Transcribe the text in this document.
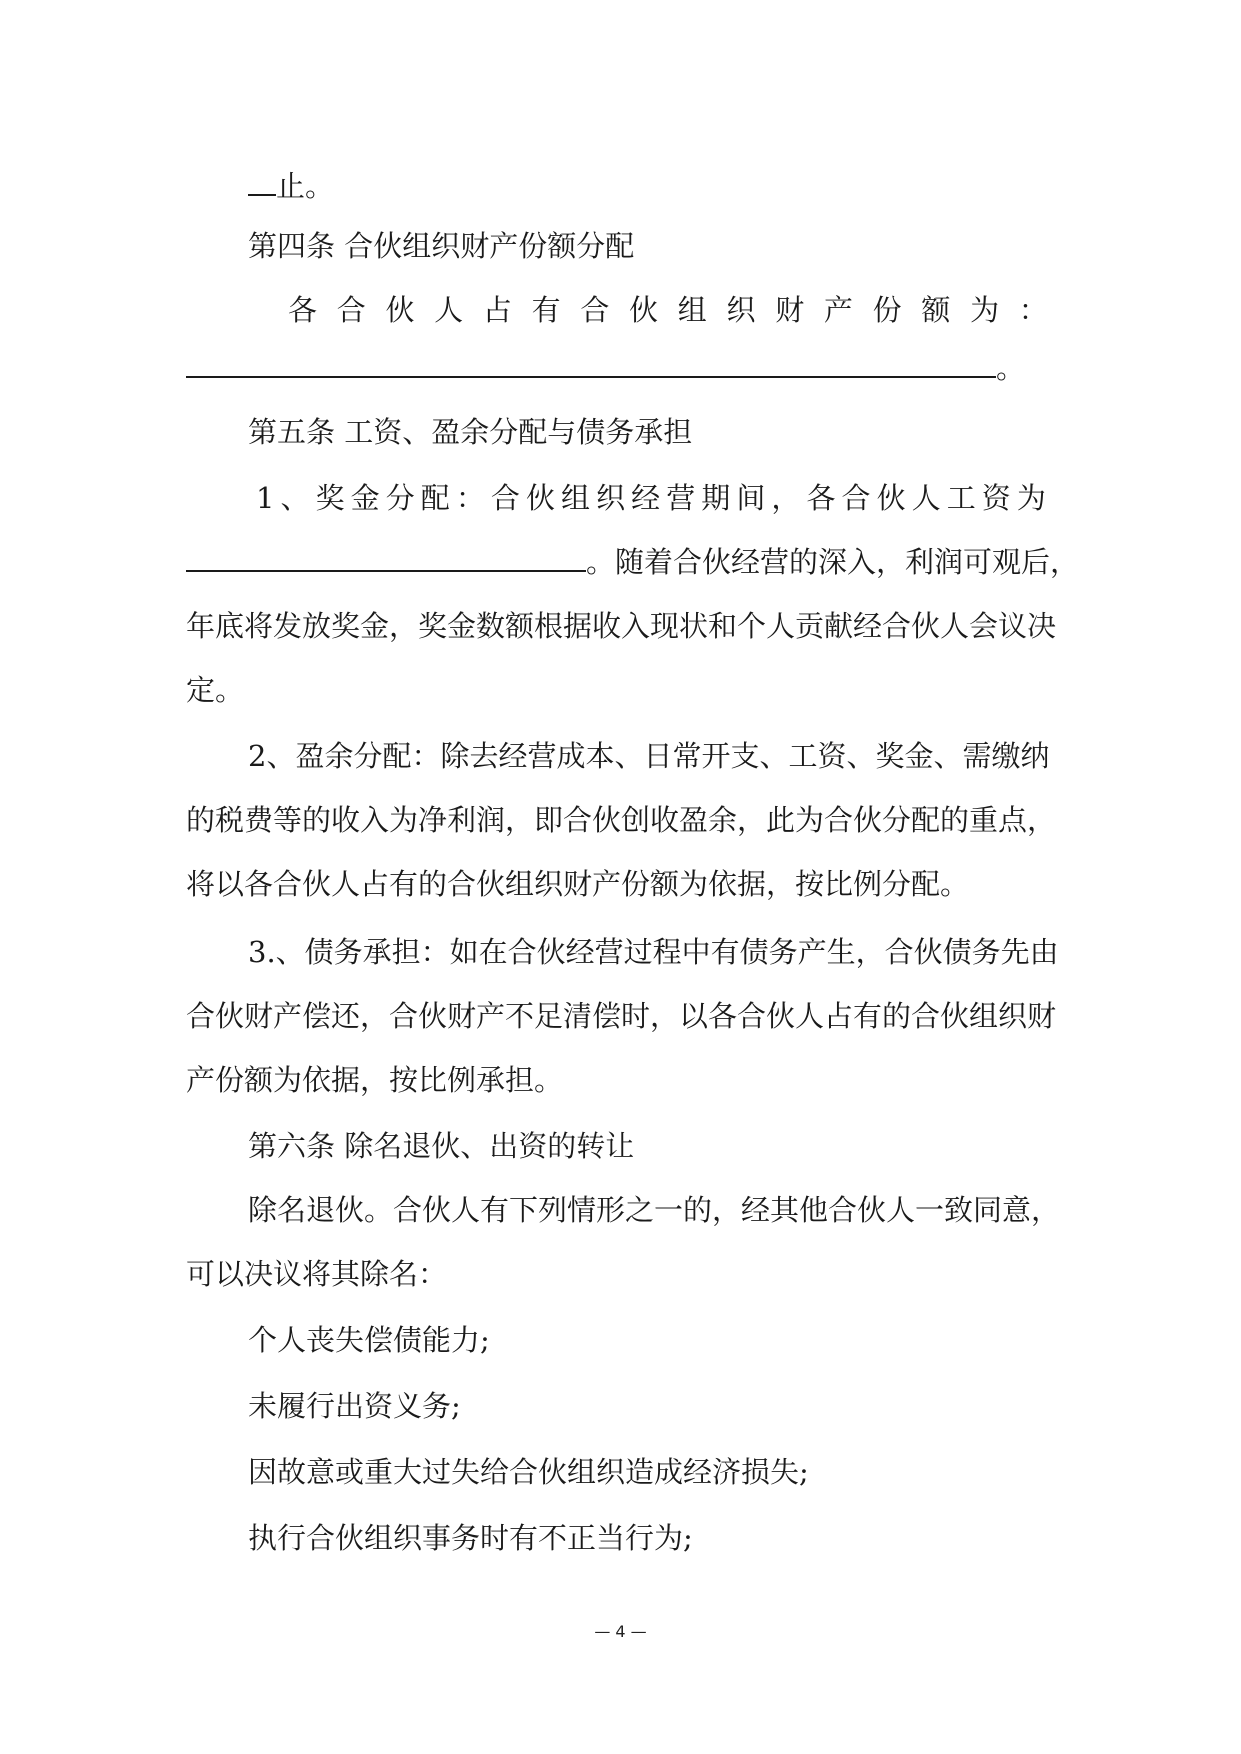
止。
第四条 合伙组织财产份额分配
各 合 伙 人 占 有 合 伙 组 织 财 产 份 额 为 ：
。
第五条 工资、盈余分配与债务承担
1 、 奖 金 分 配 ： 合 伙 组 织 经 营 期 间 ， 各 合 伙 人 工 资 为
。随着合伙经营的深入，利润可观后，
年底将发放奖金，奖金数额根据收入现状和个人贡献经合伙人会议决
定。
2、盈余分配：除去经营成本、日常开支、工资、奖金、需缴纳
的税费等的收入为净利润，即合伙创收盈余，此为合伙分配的重点，
将以各合伙人占有的合伙组织财产份额为依据，按比例分配。
3.、债务承担：如在合伙经营过程中有债务产生，合伙债务先由
合伙财产偿还，合伙财产不足清偿时，以各合伙人占有的合伙组织财
产份额为依据，按比例承担。
第六条 除名退伙、出资的转让
除名退伙。合伙人有下列情形之一的，经其他合伙人一致同意，
可以决议将其除名：
个人丧失偿债能力;
未履行出资义务;
因故意或重大过失给合伙组织造成经济损失;
执行合伙组织事务时有不正当行为;
— 4 —
